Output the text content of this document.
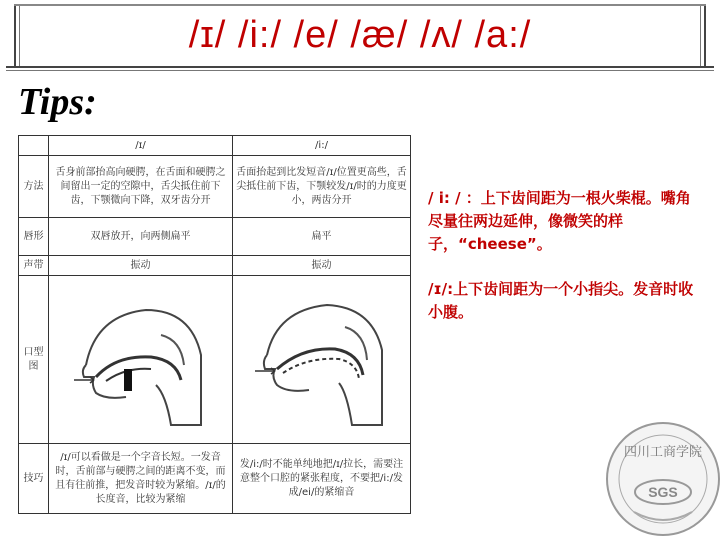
/ɪ/ /i:/ /e/ /æ/ /ʌ/ /a:/
Tips:
	/ɪ/	/i:/
方法	舌身前部抬高向硬腭，在舌面和硬腭之间留出一定的空隙中，舌尖抵住前下齿，下颚微向下降，双牙齿分开	舌面抬起到比发短音/ɪ/位置更高些，舌尖抵住前下齿，下颚较发/ɪ/时的力度更小，两齿分开
唇形	双唇放开，向两侧扁平	扁平
声带	振动	振动
口型图	

技巧	/ɪ/可以看做是一个字音长短。一发音时，舌前部与硬腭之间的距离不变，而且有往前推，把发音时较为紧缩。/ɪ/的长度音，比较为紧缩	发/i:/时不能单纯地把/ɪ/拉长，需要注意整个口腔的紧张程度，不要把/i:/发成/ei/的紧缩音

/ i: / ：上下齿间距为一根火柴棍。嘴角尽量往两边延伸，像微笑的样子，“cheese”。

/ɪ/:上下齿间距为一个小指尖。发音时收小腹。

四川工商学院
SGS
